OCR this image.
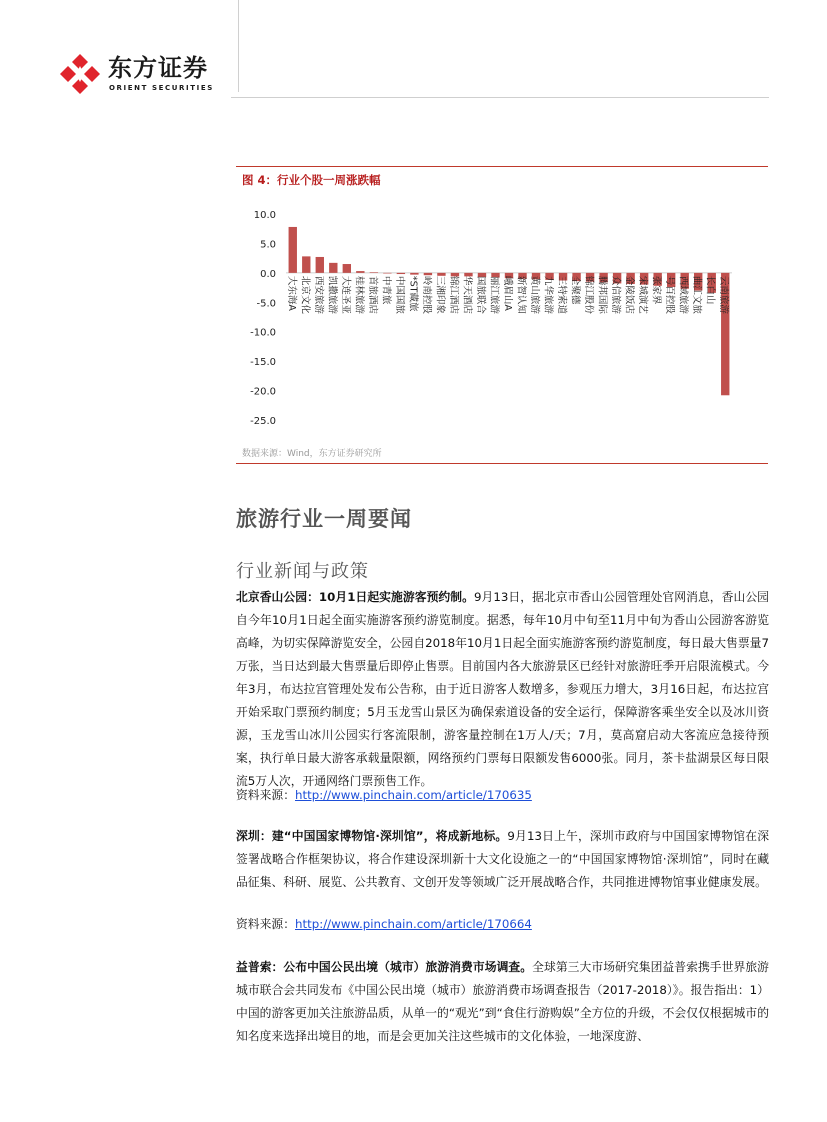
东方证券
ORIENT SECURITIES
图 4：行业个股一周涨跌幅
10.0
5.0
0.0
-5.0
-10.0
-15.0
-20.0
-25.0
大东海A 北京文化 西安旅游 凯撒旅游 大连圣亚 桂林旅游 首旅酒店 中青旅 中国国旅 *ST藏旅 岭南控股 三湘印象 锦江酒店 华天酒店 国旅联合 丽江旅游 峨眉山A 新智认知 黄山旅游 九华旅游 三特索道 全聚德 锦江股份 腾邦国际 众信旅游 金陵饭店 宋城演艺 张家界 号百控股 西域旅游 曲江文旅 长白山 云南旅游
数据来源：Wind，东方证券研究所
旅游行业一周要闻
行业新闻与政策
北京香山公园：10月1日起实施游客预约制。9月13日，据北京市香山公园管理处官网消息，香山公园自今年10月1日起全面实施游客预约游览制度。据悉，每年10月中旬至11月中旬为香山公园游客游览高峰，为切实保障游览安全，公园自2018年10月1日起全面实施游客预约游览制度，每日最大售票量7万张，当日达到最大售票量后即停止售票。目前国内各大旅游景区已经针对旅游旺季开启限流模式。今年3月，布达拉宫管理处发布公告称，由于近日游客人数增多，参观压力增大，3月16日起，布达拉宫开始采取门票预约制度；5月玉龙雪山景区为确保索道设备的安全运行，保障游客乘坐安全以及冰川资源，玉龙雪山冰川公园实行客流限制，游客量控制在1万人/天；7月，莫高窟启动大客流应急接待预案，执行单日最大游客承载量限额，网络预约门票每日限额发售6000张。同月，茶卡盐湖景区每日限流5万人次，开通网络门票预售工作。
资料来源：http://www.pinchain.com/article/170635
深圳：建“中国国家博物馆·深圳馆”，将成新地标。9月13日上午，深圳市政府与中国国家博物馆在深签署战略合作框架协议，将合作建设深圳新十大文化设施之一的“中国国家博物馆·深圳馆”，同时在藏品征集、科研、展览、公共教育、文创开发等领域广泛开展战略合作，共同推进博物馆事业健康发展。
资料来源：http://www.pinchain.com/article/170664
益普索：公布中国公民出境（城市）旅游消费市场调查。全球第三大市场研究集团益普索携手世界旅游城市联合会共同发布《中国公民出境（城市）旅游消费市场调查报告（2017-2018）》。报告指出：1）中国的游客更加关注旅游品质，从单一的“观光”到“食住行游购娱”全方位的升级，不会仅仅根据城市的知名度来选择出境目的地，而是会更加关注这些城市的文化体验，一地深度游、
